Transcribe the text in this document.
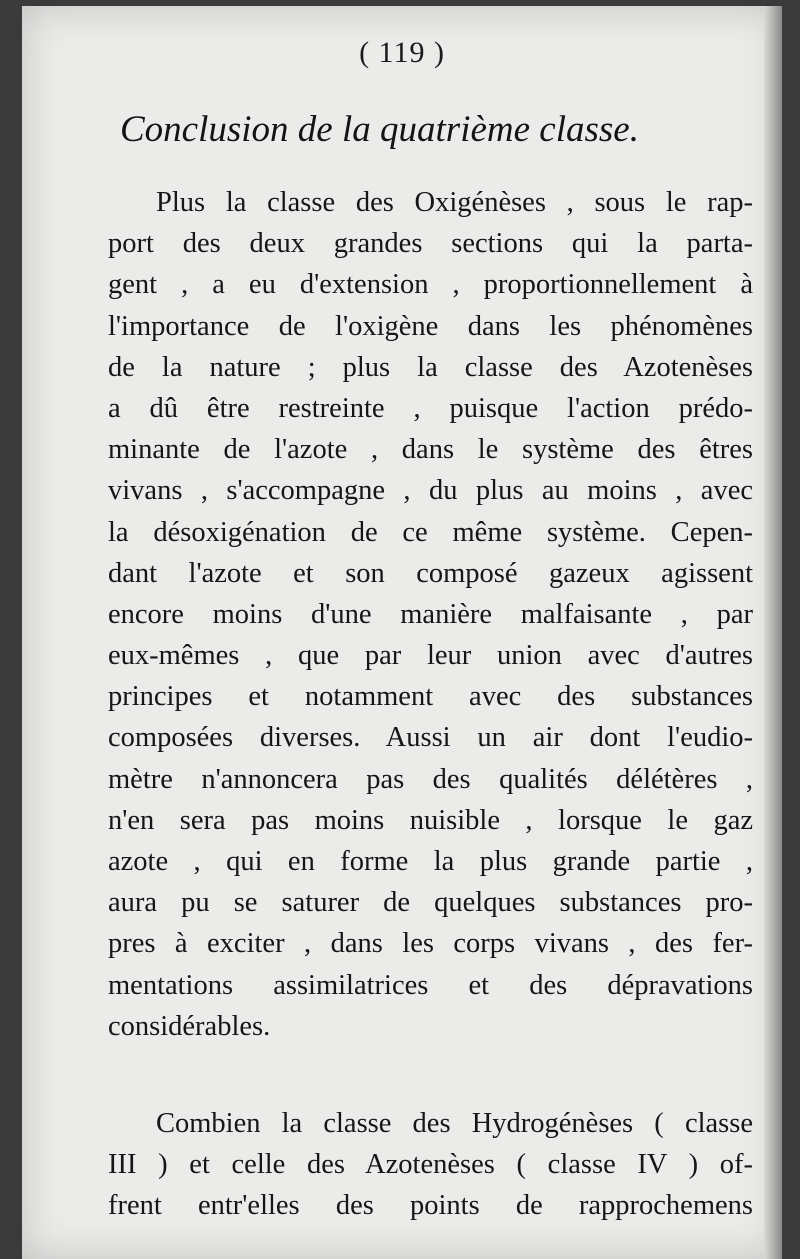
( 119 )
Conclusion de la quatrième classe.
Plus la classe des Oxigénèses , sous le rap-
port des deux grandes sections qui la parta-
gent , a eu d'extension , proportionnellement à
l'importance de l'oxigène dans les phénomènes
de la nature ; plus la classe des Azotenèses
a dû être restreinte , puisque l'action prédo-
minante de l'azote , dans le système des êtres
vivans , s'accompagne , du plus au moins , avec
la désoxigénation de ce même système. Cepen-
dant l'azote et son composé gazeux agissent
encore moins d'une manière malfaisante , par
eux-mêmes , que par leur union avec d'autres
principes et notamment avec des substances
composées diverses. Aussi un air dont l'eudio-
mètre n'annoncera pas des qualités délétères ,
n'en sera pas moins nuisible , lorsque le gaz
azote , qui en forme la plus grande partie ,
aura pu se saturer de quelques substances pro-
pres à exciter , dans les corps vivans , des fer-
mentations assimilatrices et des dépravations
considérables.
Combien la classe des Hydrogénèses ( classe
III ) et celle des Azotenèses ( classe IV ) of-
frent entr'elles des points de rapprochemens
